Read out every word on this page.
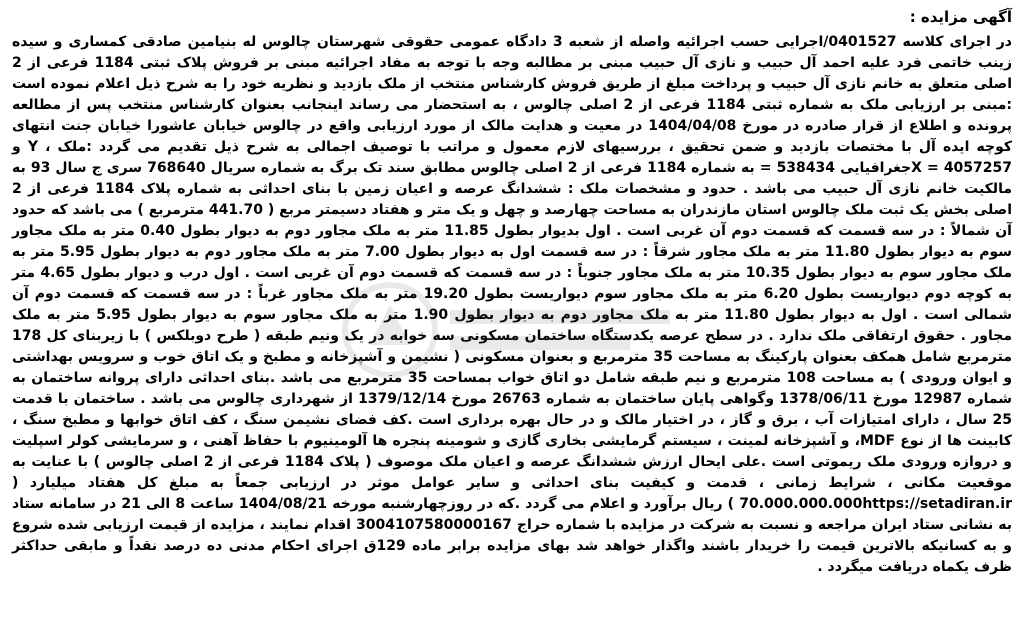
آگهی مزایده :

در اجرای کلاسه 0401527/اجرایی حسب اجرائیه واصله از شعبه 3 دادگاه عمومی حقوقی شهرستان چالوس له بنیامین صادقی کمساری و سیده زینب خاتمی فرد علیه احمد آل حبیب و نازی آل حبیب مبنی بر مطالبه وجه با توجه به مفاد اجرائیه مبنی بر فروش پلاک ثبتی 1184 فرعی از 2 اصلی متعلق به خانم نازی آل حبیب و پرداخت مبلغ از طریق فروش کارشناس منتخب از ملک بازدید و نظریه خود را به شرح ذیل اعلام نموده است :مبنی بر ارزیابی ملک به شماره ثبتی 1184 فرعی از 2 اصلی چالوس ، به استحضار می رساند اینجانب بعنوان کارشناس منتخب پس از مطالعه پرونده و اطلاع از قرار صادره در مورخ 1404/04/08 در معیت و هدایت مالک از مورد ارزیابی واقع در چالوس خیابان عاشورا خیابان جنت انتهای کوچه ایده آل با مختصات بازدید و ضمن تحقیق ، بررسیهای لازم معمول و مراتب با توصیف اجمالی به شرح ذیل تقدیم می گردد :ملک ، Y و 4057257 = Xجغرافیایی 538434 = به شماره 1184 فرعی از 2 اصلی چالوس مطابق سند تک برگ به شماره سریال 768640 سری ج سال 93 به مالکیت خانم نازی آل حبیب می باشد . حدود و مشخصات ملک : ششدانگ عرصه و اعیان زمین با بنای احداثی به شماره پلاک 1184 فرعی از 2 اصلی بخش یک ثبت ملک چالوس استان مازندران به مساحت چهارصد و چهل و یک متر و هفتاد دسیمتر مربع ( 441.70 مترمربع ) می باشد که حدود آن شمالاً : در سه قسمت که قسمت دوم آن غربی است . اول بدیوار بطول 11.85 متر به ملک مجاور دوم به دیوار بطول 0.40 متر به ملک مجاور سوم به دیوار بطول 11.80 متر به ملک مجاور شرقاً : در سه قسمت اول به دیوار بطول 7.00 متر به ملک مجاور دوم به دیوار بطول 5.95 متر به ملک مجاور سوم به دیوار بطول 10.35 متر به ملک مجاور جنوباً : در سه قسمت که قسمت دوم آن غربی است . اول درب و دیوار بطول 4.65 متر به کوچه دوم دیواریست بطول 6.20 متر به ملک مجاور سوم دیواریست بطول 19.20 متر به ملک مجاور غرباً : در سه قسمت که قسمت دوم آن شمالی است . اول به دیوار بطول 11.80 متر به ملک مجاور دوم به دیوار بطول 1.90 متر به ملک مجاور سوم به دیوار بطول 5.95 متر به ملک مجاور . حقوق ارتفاقی ملک ندارد . در سطح عرصه یکدستگاه ساختمان مسکونی سه خوابه در یک ونیم طبقه ( طرح دوبلکس ) با زیربنای کل 178 مترمربع شامل همکف بعنوان پارکینگ به مساحت 35 مترمربع و بعنوان مسکونی ( نشیمن و آشپزخانه و مطبخ و یک اتاق خوب و سرویس بهداشتی و ایوان ورودی ) به مساحت 108 مترمربع و نیم طبقه شامل دو اتاق خواب بمساحت 35 مترمربع می باشد .بنای احداثی دارای پروانه ساختمان به شماره 12987 مورخ 1378/06/11 وگواهی پایان ساختمان به شماره 26763 مورخ 1379/12/14 از شهرداری چالوس می باشد . ساختمان با قدمت 25 سال ، دارای امتیازات آب ، برق و گاز ، در اختیار مالک و در حال بهره برداری است .کف فضای نشیمن سنگ ، کف اتاق خوابها و مطبخ سنگ ، کابینت ها از نوع MDF، و آشپزخانه لمینت ، سیستم گرمایشی بخاری گازی و شومینه پنجره ها آلومینیوم با حفاظ آهنی ، و سرمایشی کولر اسپلیت و دروازه ورودی ملک ریموتی است .علی ایحال ارزش ششدانگ عرصه و اعیان ملک موصوف ( پلاک 1184 فرعی از 2 اصلی چالوس ) با عنایت به موقعیت مکانی ، شرایط زمانی ، قدمت و کیفیت بنای احداثی و سایر عوامل موثر در ارزیابی جمعاً به مبلغ کل هفتاد میلیارد ( 70.000.000.000https://setadiran.ir ) ریال برآورد و اعلام می گردد .که در روزچهارشنبه مورخه 1404/08/21 ساعت 8 الی 21 در سامانه ستاد به نشانی ستاد ایران مراجعه و نسبت به شرکت در مزایده با شماره حراج 3004107580000167 اقدام نمایند ، مزایده از قیمت ارزیابی شده شروع و به کسانیکه بالاترین قیمت را خریدار باشند واگذار خواهد شد بهای مزایده برابر ماده 129ق اجرای احکام مدنی ده درصد نقداً و مابقی حداکثر ظرف یکماه دریافت میگردد .
